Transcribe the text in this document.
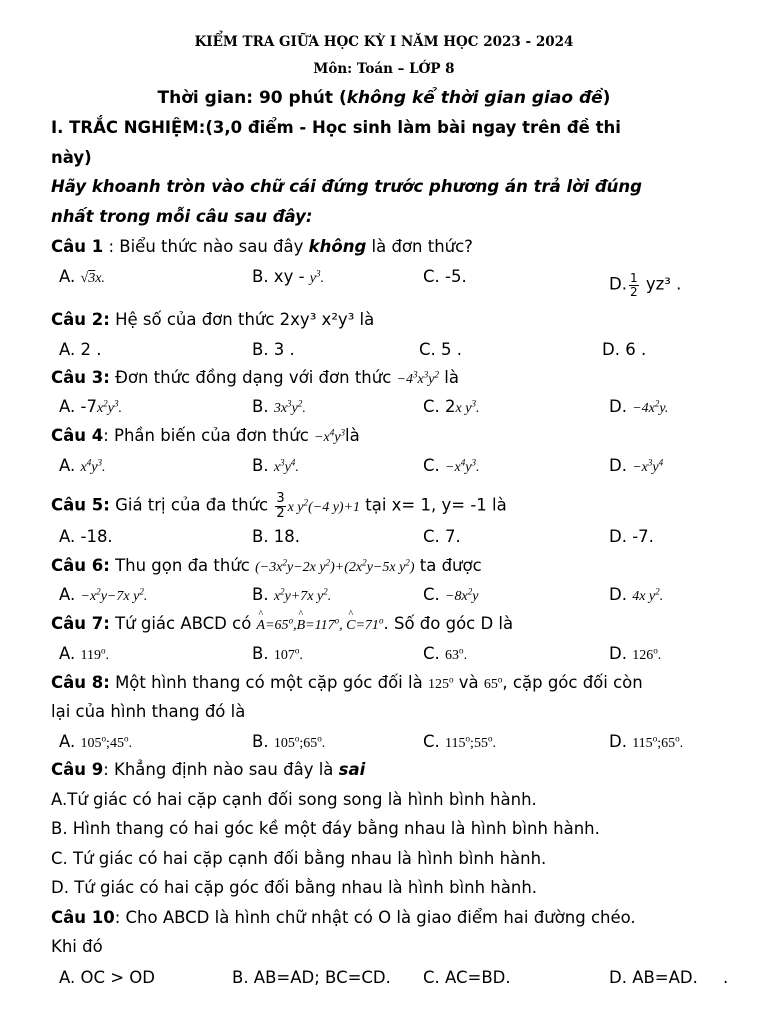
KIỂM TRA GIỮA HỌC KỲ I NĂM HỌC 2023 - 2024
Môn: Toán – LỚP 8
Thời gian: 90 phút (không kể thời gian giao đề)
I. TRẮC NGHIỆM:(3,0 điểm - Học sinh làm bài ngay trên đề thi
này)
Hãy khoanh tròn vào chữ cái đứng trước phương án trả lời đúng
nhất trong mỗi câu sau đây:
Câu 1 : Biểu thức nào sau đây không là đơn thức?
A. √3x.	B. xy - $y^3$.	C. -5.	D. $\frac{1}{2} yz^3$ .
Câu 2: Hệ số của đơn thức 2xy³ x²y³ là
A. 2 .	B. 3 .	C. 5 .	D. 6 .
Câu 3: Đơn thức đồng dạng với đơn thức $-4^3x^3y^2$ là
A. $-7x^2y^3$.	B. $3x^3y^2$.	C. 2x $y^3$.	D. $-4x^2y$.
Câu 4: Phần biến của đơn thức $-x^4y^3là$
A. $x^4y^3$.	B. $x^3y^4$.	C. $-x^4y^3$.	D. $-x^3y^4$
Câu 5: Giá trị của đa thức $\frac{3}{2}$ x $y^2(-4$ y)+1 tại x= 1, y= -1 là
A. -18.	B. 18.	C. 7.	D. -7.
Câu 6: Thu gọn đa thức ($-3x^2y-2x$ $y^2)+(2x^2y-5x$ $y^2$) ta được
A. $-x^2y-7x$ $y^2$.	B. $x^2y+7x$ $y^2$.	C. $-8x^2y$	D. 4x $y^2$.
Câu 7: Tứ giác ABCD có ^ $A=65^o,\^{}$ $B=117^o$, ^ $C=71^o$. Số đo góc D là
A. 119$^o$.	B. 107$^o$.	C. 63$^o$.	D. 126$^o$.
Câu 8: Một hình thang có một cặp góc đối là 125$^o$ và 65$^o$, cặp góc đối còn
lại của hình thang đó là
A. 105$^o$;45$^o$.	B. 105$^o$;65$^o$.	C. 115$^o$;55$^o$.	D. 115$^o$;65$^o$.
Câu 9: Khẳng định nào sau đây là sai
A.Tứ giác có hai cặp cạnh đối song song là hình bình hành.
B. Hình thang có hai góc kề một đáy bằng nhau là hình bình hành.
C. Tứ giác có hai cặp cạnh đối bằng nhau là hình bình hành.
D. Tứ giác có hai cặp góc đối bằng nhau là hình bình hành.
Câu 10: Cho ABCD là hình chữ nhật có O là giao điểm hai đường chéo.
Khi đó
A. OC > OD	B. AB=AD; BC=CD. C. AC=BD.	D. AB=AD. .
